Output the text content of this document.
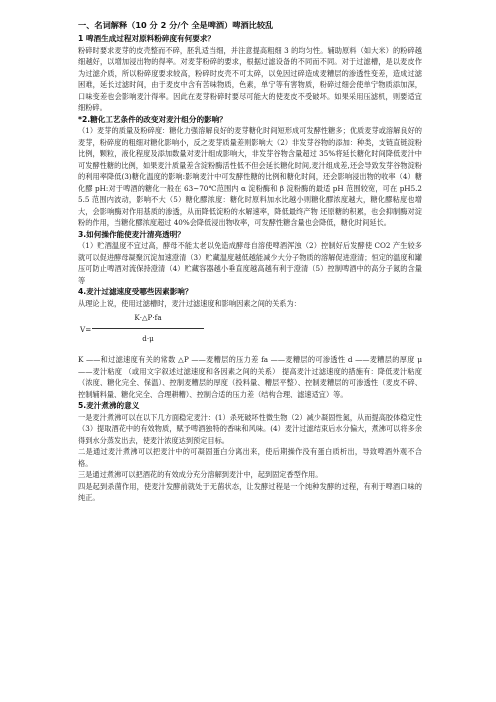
一、名词解释（10 分 2 分/个 全是啤酒）啤酒比较乱
1 啤酒生成过程对原料粉碎度有何要求？

粉碎时要求麦芽的皮壳整而不碎，胚乳适当细，并注意提高粗细 3 的均匀性。辅助原料（如大米）的粉碎越细越好，以增加浸出物的得率。对麦芽粉碎的要求，根据过滤设备的不同而不同。对于过滤槽，是以麦皮作为过滤介质，所以粉碎度要求较高，粉碎时皮壳不可太碎，以免因过碎造成麦糟层的渗透性变差，造成过滤困难，延长过滤时间，由于麦皮中含有苦味物质，色素，单宁等有害物质，粉碎过细会使单宁物质添加深，口味变差也会影响麦汁得率。因此在麦芽粉碎时要尽可能大的使麦皮不受破坏。如果采用压滤机，则要适宜细粉碎。

*2.糖化工艺条件的改变对麦汁组分的影响？

（1）麦芽的质量及粉碎度：糖化力强溶解良好的麦芽糖化时间短形成可发酵性糖多；优质麦芽或溶解良好的麦芽，粉碎度的粗细对糖化影响小，反之麦芽质量差则影响大（2）非发芽谷物的添加：种类，支链直链淀粉比例，颗粒，液化程度及添加数量对麦汁组成影响大，非发芽谷物含量超过 35%将延长糖化时间降低麦汁中可发酵性糖的比例，如果麦汁质量差含淀粉酶活性低不但会延长糖化时间,麦汁组成差,还会导致发芽谷物淀粉的利用率降低(3)糖化温度的影响:影响麦汁中可发酵性糖的比例和糖化时间，还会影响浸出物的收率（4）糖化醪 pH:对于啤酒的糖化一般在 63~70℃范围内 α 淀粉酶和 β 淀粉酶的最适 pH 范围较宽，可在 pH5.2 5.5 范围内波动，影响不大（5）糖化醪浓度：糖化时原料加水比越小则糖化醪浓度越大，糖化醪粘度也增大，会影响酶对作用基质的渗透，从而降低淀粉的水解速率，降低最终产物 还原糖的积累，也会抑制酶对淀粉的作用，当糖化醪浓度超过 40%会降低浸出物收率，可发酵性糖含量也会降低，糖化时间延长。

3.如何操作能使麦汁清亮透明？

（1）贮酒温度不宜过高，酵母不能太老以免造成酵母自溶使啤酒浑浊（2）控制好后发酵使 CO2 产生较多就可以促进酵母凝聚沉淀加速澄清（3）贮藏温度越低越能减少大分子物质的溶解促进澄清；恒定的温度和罐压可防止啤酒对流保持澄清（4）贮藏容器越小垂直度越高越有利于澄清（5）控制啤酒中的高分子氮的含量等

4.麦汁过滤速度受哪些因素影响？

从理论上说，使用过滤槽时，麦汁过滤速度和影响因素之间的关系为：

V=
K·△P·fa
d·μ

K ——和过滤速度有关的常数 △P ——麦糟层的压力差 fa ——麦糟层的可渗透性 d ——麦糟层的厚度 μ ——麦汁粘度 （或用文字叙述过滤速度和各因素之间的关系） 提高麦汁过滤速度的措施有：降低麦汁粘度（浓度、糖化完全、保温）、控制麦糟层的厚度（投料量、糟层平整）、控制麦糟层的可渗透性（麦皮不碎、控制辅料量、糖化完全、合理耕糟）、控制合适的压力差（结构合理、滤速适宜）等。

5.麦汁煮沸的意义

一是麦汁煮沸可以在以下几方面稳定麦汁：(1）杀死破坏性微生物（2）减少凝固性氮，从而提高胶体稳定性（3）提取酒花中的有效物质，赋予啤酒独特的香味和风味。(4）麦汁过滤结束后水分偏大，煮沸可以将多余得到水分蒸发出去，使麦汁浓度达到预定目标。

二是通过麦汁煮沸可以把麦汁中的可凝固蛋白分离出来，使后期操作没有蛋白质析出，导致啤酒外观不合格。

三是通过煮沸可以把酒花的有效成分充分溶解到麦汁中，起到固定香型作用。

四是起到杀菌作用，使麦汁发酵前就处于无菌状态，让发酵过程是一个纯种发酵的过程，有利于啤酒口味的纯正。
